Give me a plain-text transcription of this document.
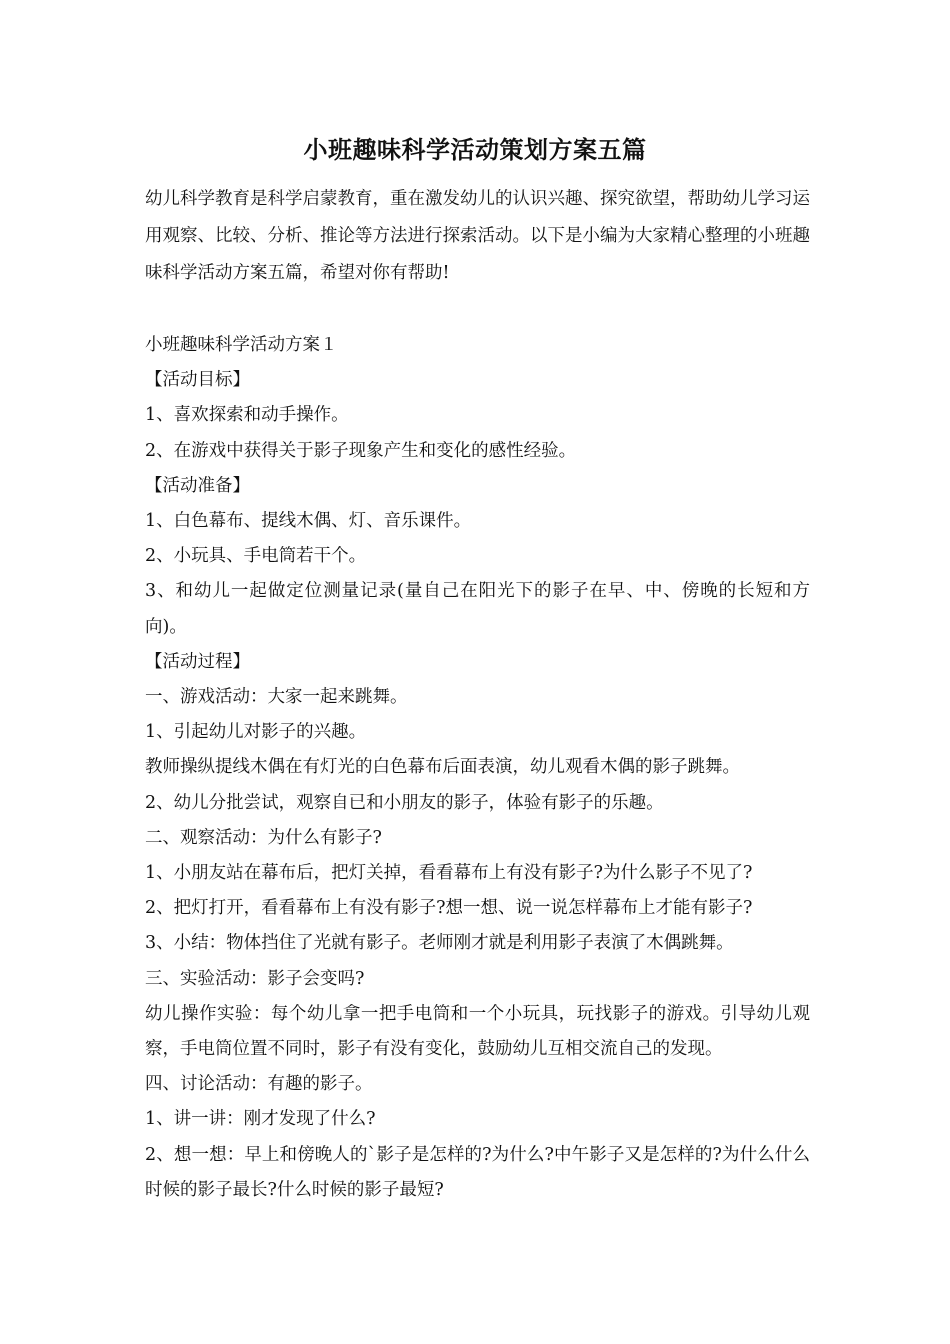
小班趣味科学活动策划方案五篇
幼儿科学教育是科学启蒙教育，重在激发幼儿的认识兴趣、探究欲望，帮助幼儿学习运用观察、比较、分析、推论等方法进行探索活动。以下是小编为大家精心整理的小班趣味科学活动方案五篇，希望对你有帮助!
小班趣味科学活动方案１
【活动目标】
1、喜欢探索和动手操作。
2、在游戏中获得关于影子现象产生和变化的感性经验。
【活动准备】
1、白色幕布、提线木偶、灯、音乐课件。
2、小玩具、手电筒若干个。
3、和幼儿一起做定位测量记录(量自己在阳光下的影子在早、中、傍晚的长短和方向)。
【活动过程】
一、游戏活动：大家一起来跳舞。
1、引起幼儿对影子的兴趣。
教师操纵提线木偶在有灯光的白色幕布后面表演，幼儿观看木偶的影子跳舞。
2、幼儿分批尝试，观察自已和小朋友的影子，体验有影子的乐趣。
二、观察活动：为什么有影子?
1、小朋友站在幕布后，把灯关掉，看看幕布上有没有影子?为什么影子不见了?
2、把灯打开，看看幕布上有没有影子?想一想、说一说怎样幕布上才能有影子?
3、小结：物体挡住了光就有影子。老师刚才就是利用影子表演了木偶跳舞。
三、实验活动：影子会变吗?
幼儿操作实验：每个幼儿拿一把手电筒和一个小玩具，玩找影子的游戏。引导幼儿观察，手电筒位置不同时，影子有没有变化，鼓励幼儿互相交流自己的发现。
四、讨论活动：有趣的影子。
1、讲一讲：刚才发现了什么?
2、想一想：早上和傍晚人的`影子是怎样的?为什么?中午影子又是怎样的?为什么什么时候的影子最长?什么时候的影子最短?
